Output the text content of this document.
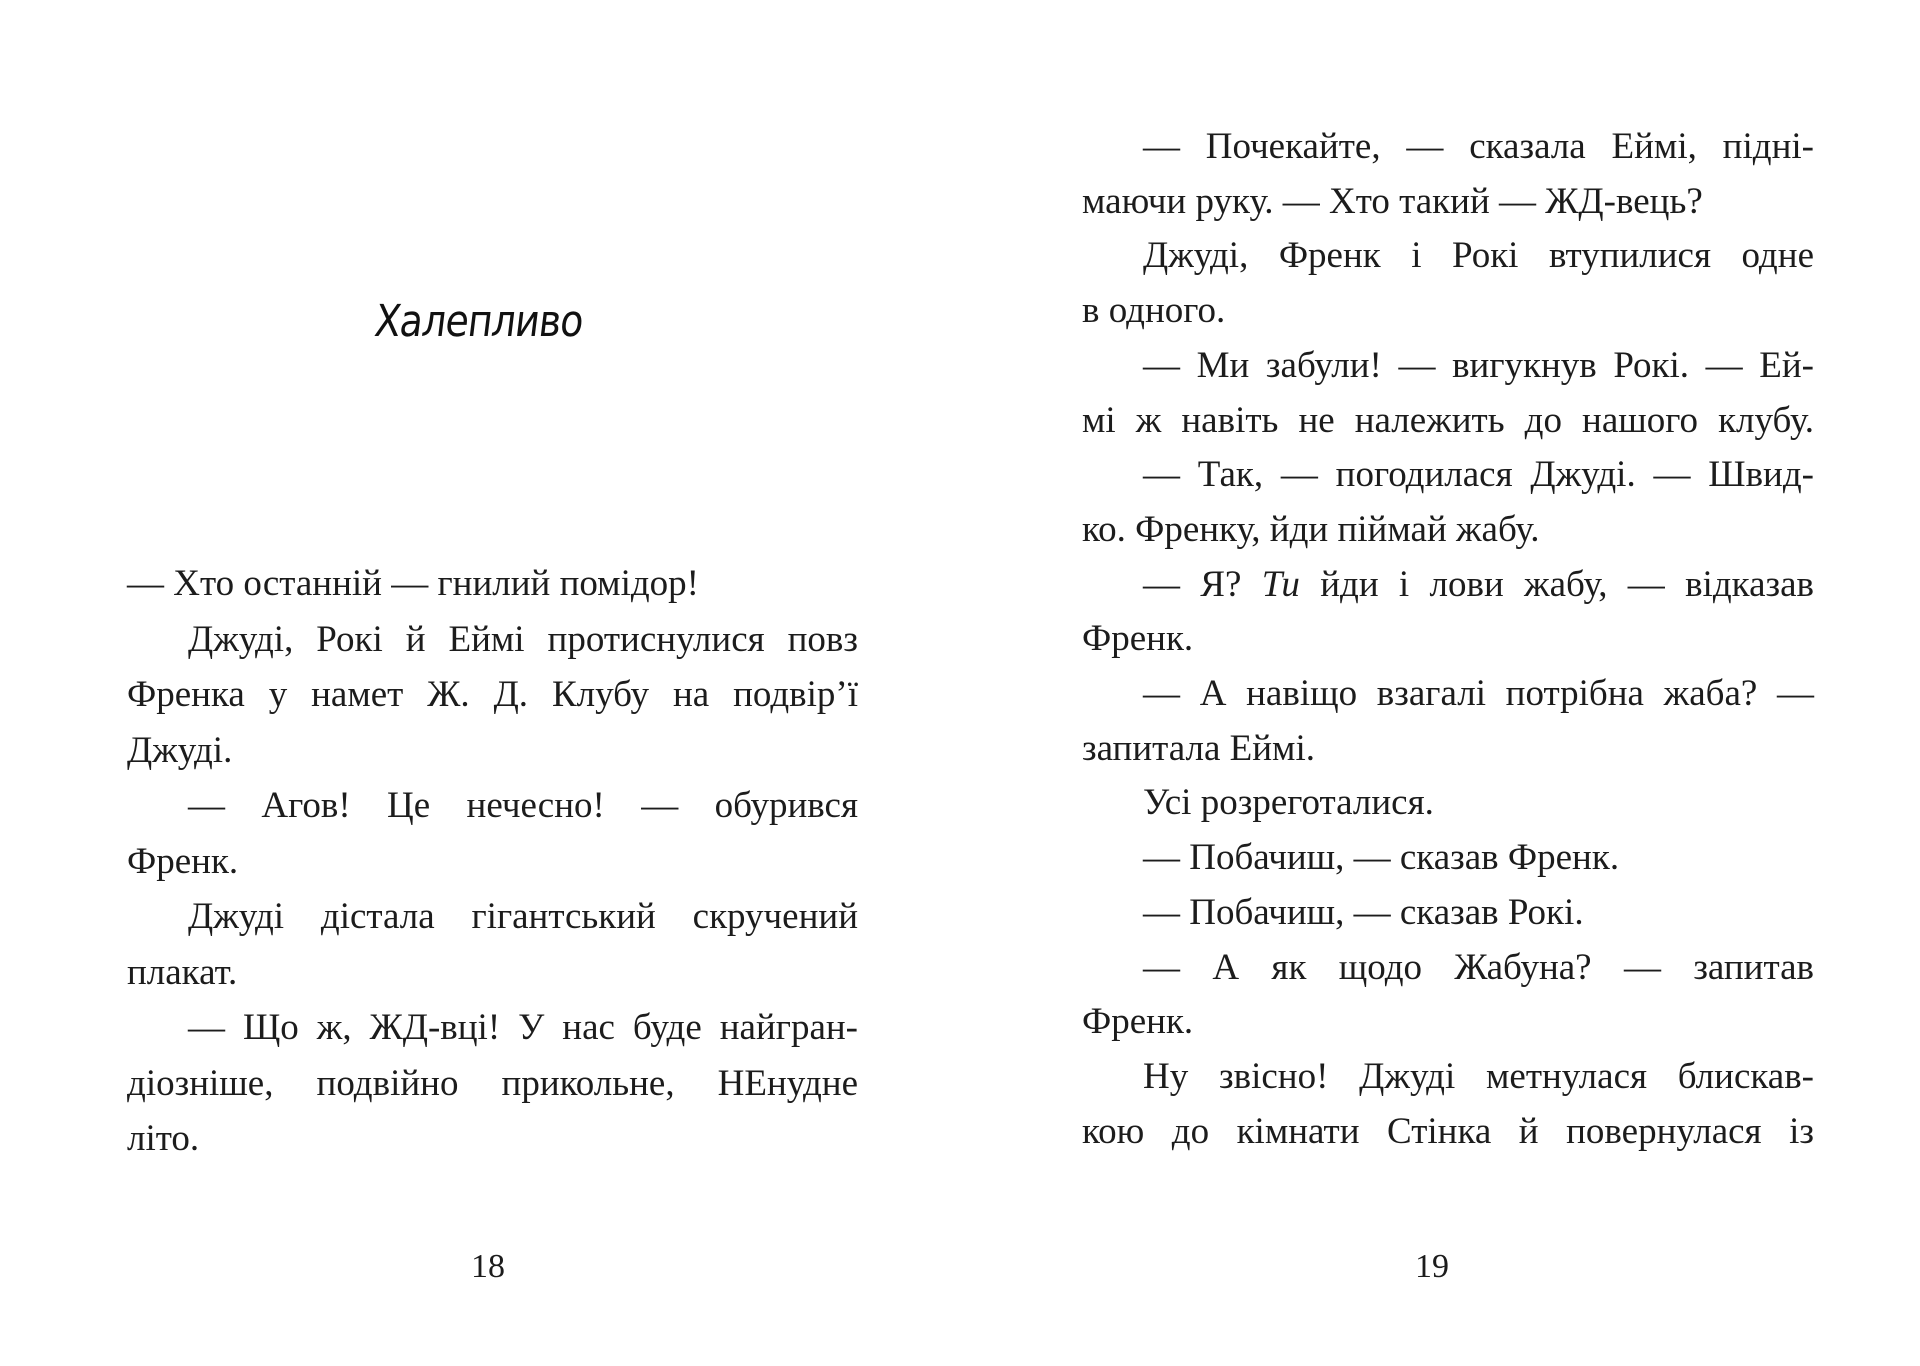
Халепливо
— Хто останній — гнилий помідор!
Джуді, Рокі й Еймі протиснулися повз
Френка у намет Ж. Д. Клубу на подвір’ї
Джуді.
— Агов! Це нечесно! — обурився
Френк.
Джуді дістала гігантський скручений
плакат.
— Що ж, ЖД-вці! У нас буде найгран-
діозніше, подвійно прикольне, НЕнудне
літо.
18
— Почекайте, — сказала Еймі, підні-
маючи руку. — Хто такий — ЖД-вець?
Джуді, Френк і Рокі втупилися одне
в одного.
— Ми забули! — вигукнув Рокі. — Ей-
мі ж навіть не належить до нашого клубу.
— Так, — погодилася Джуді. — Швид-
ко. Френку, йди піймай жабу.
— Я? Ти йди і лови жабу, — відказав
Френк.
— А навіщо взагалі потрібна жаба? —
запитала Еймі.
Усі розреготалися.
— Побачиш, — сказав Френк.
— Побачиш, — сказав Рокі.
— А як щодо Жабуна? — запитав
Френк.
Ну звісно! Джуді метнулася блискав-
кою до кімнати Стінка й повернулася із
19
